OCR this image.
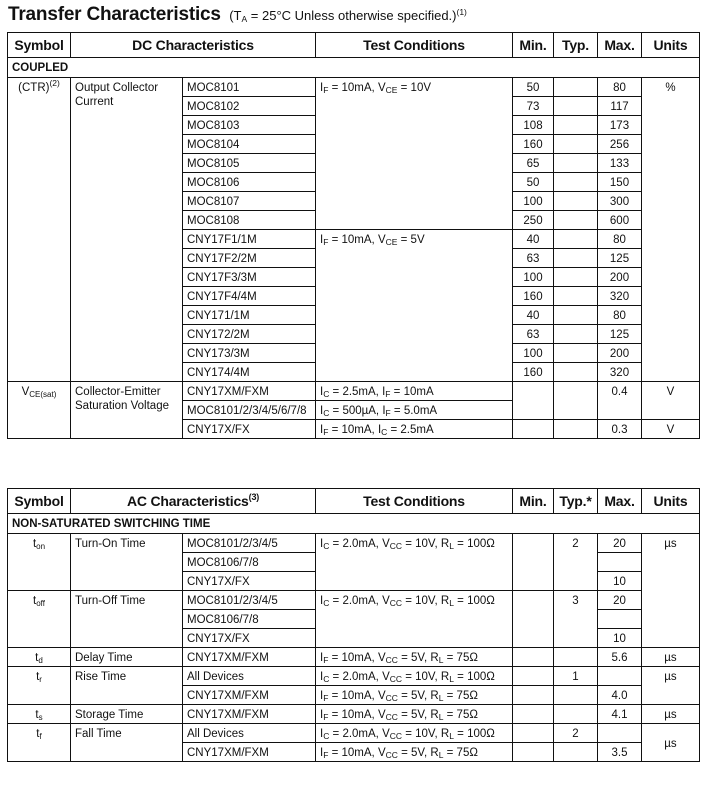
Transfer Characteristics ($T_A = 25^\circ C$ Unless otherwise specified.)$^{(1)}$
Symbol	DC Characteristics		Test Conditions	Min.	Typ.	Max.	Units
COUPLED							
(CTR)$^{(2)}$	Output Collector Current	MOC8101	$I_F = 10mA$, $V_{CE} = 10V$	50		80	%
		MOC8102		73		117	
		MOC8103		108		173	
		MOC8104		160		256	
		MOC8105		65		133	
		MOC8106		50		150	
		MOC8107		100		300	
		MOC8108		250		600	
		CNY17F1/1M	$I_F = 10mA$, $V_{CE} = 5V$	40		80	
		CNY17F2/2M		63		125	
		CNY17F3/3M		100		200	
		CNY17F4/4M		160		320	
		CNY171/1M		40		80	
		CNY172/2M		63		125	
		CNY173/3M		100		200	
		CNY174/4M		160		320	
$V_{CE(sat)}$	Collector-Emitter Saturation Voltage	CNY17XM/FXM	$I_C = 2.5mA$, $I_F = 10mA$			0.4	V
		MOC8101/2/3/4/5/6/7/8	$I_C = 500\mu A$, $I_F = 5.0mA$				
		CNY17X/FX	$I_F = 10mA$, $I_C = 2.5mA$			0.3	V
Symbol	AC Characteristics$^{(3)}$		Test Conditions	Min.	Typ.*	Max.	Units
NON-SATURATED SWITCHING TIME							
$t_{on}$	Turn-On Time	MOC8101/2/3/4/5	$I_C = 2.0mA$, $V_{CC} = 10V$, $R_L = 100\Omega$		2	20	µs
		MOC8106/7/8					
		CNY17X/FX				10	
$t_{off}$	Turn-Off Time	MOC8101/2/3/4/5	$I_C = 2.0mA$, $V_{CC} = 10V$, $R_L = 100\Omega$		3	20	
		MOC8106/7/8					
		CNY17X/FX				10	
$t_d$	Delay Time	CNY17XM/FXM	$I_F = 10mA$, $V_{CC} = 5V$, $R_L = 75\Omega$			5.6	µs
$t_r$	Rise Time	All Devices	$I_C = 2.0mA$, $V_{CC} = 10V$, $R_L = 100\Omega$		1		µs
		CNY17XM/FXM	$I_F = 10mA$, $V_{CC} = 5V$, $R_L = 75\Omega$			4.0	
$t_s$	Storage Time	CNY17XM/FXM	$I_F = 10mA$, $V_{CC} = 5V$, $R_L = 75\Omega$			4.1	µs
$t_f$	Fall Time	All Devices	$I_C = 2.0mA$, $V_{CC} = 10V$, $R_L = 100\Omega$		2		µs
		CNY17XM/FXM	$I_F = 10mA$, $V_{CC} = 5V$, $R_L = 75\Omega$			3.5	
